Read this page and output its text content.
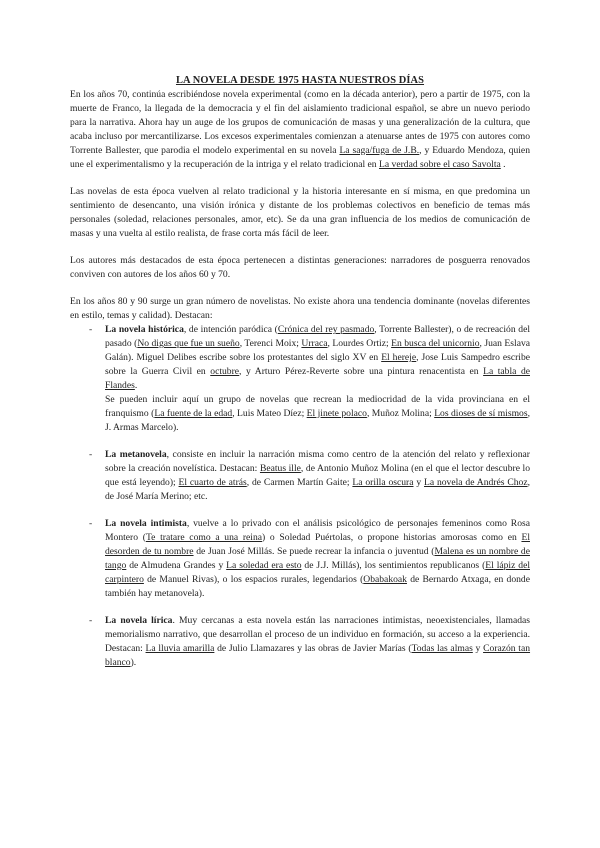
LA NOVELA DESDE 1975 HASTA NUESTROS DÍAS

En los años 70, continúa escribiéndose novela experimental (como en la década anterior), pero a partir de 1975, con la muerte de Franco, la llegada de la democracia y el fin del aislamiento tradicional español, se abre un nuevo periodo para la narrativa. Ahora hay un auge de los grupos de comunicación de masas y una generalización de la cultura, que acaba incluso por mercantilizarse. Los excesos experimentales comienzan a atenuarse antes de 1975 con autores como Torrente Ballester, que parodia el modelo experimental en su novela La saga/fuga de J.B., y Eduardo Mendoza, quien une el experimentalismo y la recuperación de la intriga y el relato tradicional en La verdad sobre el caso Savolta .

Las novelas de esta época vuelven al relato tradicional y la historia interesante en sí misma, en que predomina un sentimiento de desencanto, una visión irónica y distante de los problemas colectivos en beneficio de temas más personales (soledad, relaciones personales, amor, etc). Se da una gran influencia de los medios de comunicación de masas y una vuelta al estilo realista, de frase corta más fácil de leer.

Los autores más destacados de esta época pertenecen a distintas generaciones: narradores de posguerra renovados conviven con autores de los años 60 y 70.

En los años 80 y 90 surge un gran número de novelistas. No existe ahora una tendencia dominante (novelas diferentes en estilo, temas y calidad). Destacan:

- La novela histórica, de intención paródica (Crónica del rey pasmado, Torrente Ballester), o de recreación del pasado (No digas que fue un sueño, Terenci Moix; Urraca, Lourdes Ortiz; En busca del unicornio, Juan Eslava Galán). Miguel Delibes escribe sobre los protestantes del siglo XV en El hereje, Jose Luis Sampedro escribe sobre la Guerra Civil en octubre, y Arturo Pérez-Reverte sobre una pintura renacentista en La tabla de Flandes.

Se pueden incluir aquí un grupo de novelas que recrean la mediocridad de la vida provinciana en el franquismo (La fuente de la edad, Luis Mateo Díez; El jinete polaco, Muñoz Molina; Los dioses de sí mismos, J. Armas Marcelo).

- La metanovela, consiste en incluir la narración misma como centro de la atención del relato y reflexionar sobre la creación novelística. Destacan: Beatus ille, de Antonio Muñoz Molina (en el que el lector descubre lo que está leyendo); El cuarto de atrás, de Carmen Martín Gaite; La orilla oscura y La novela de Andrés Choz, de José María Merino; etc.
- La novela intimista, vuelve a lo privado con el análisis psicológico de personajes femeninos como Rosa Montero (Te tratare como a una reina) o Soledad Puértolas, o propone historias amorosas como en El desorden de tu nombre de Juan José Millás. Se puede recrear la infancia o juventud (Malena es un nombre de tango de Almudena Grandes y La soledad era esto de J.J. Millás), los sentimientos republicanos (El lápiz del carpintero de Manuel Rivas), o los espacios rurales, legendarios (Obabakoak de Bernardo Atxaga, en donde también hay metanovela).
- La novela lírica. Muy cercanas a esta novela están las narraciones intimistas, neoexistenciales, llamadas memorialismo narrativo, que desarrollan el proceso de un individuo en formación, su acceso a la experiencia. Destacan: La lluvia amarilla de Julio Llamazares y las obras de Javier Marías (Todas las almas y Corazón tan blanco).
